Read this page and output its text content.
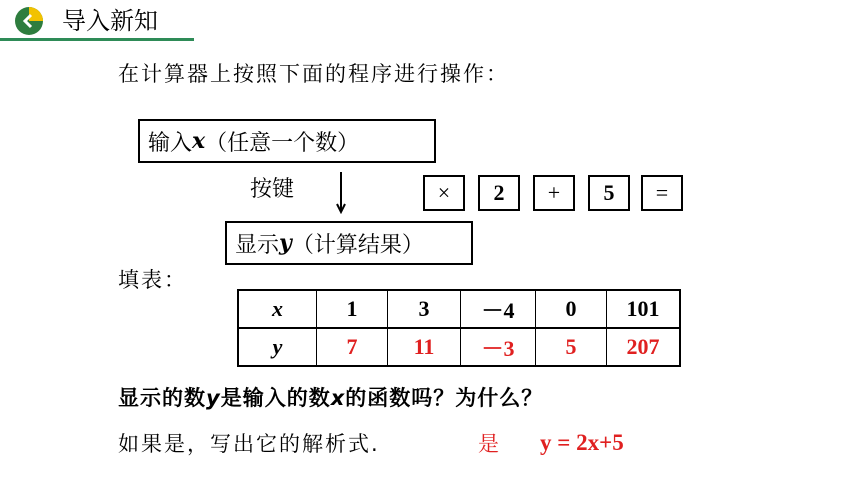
导入新知
在计算器上按照下面的程序进行操作：
输入 x （任意一个数）
按键	×	2	+	5	=
显示 y （计算结果）
填表：
x	1	3	－4	0	101
y	7	11	－3	5	207
显示的数y是输入的数x的函数吗？为什么？
如果是，写出它的解析式.	是 y = 2x+5
